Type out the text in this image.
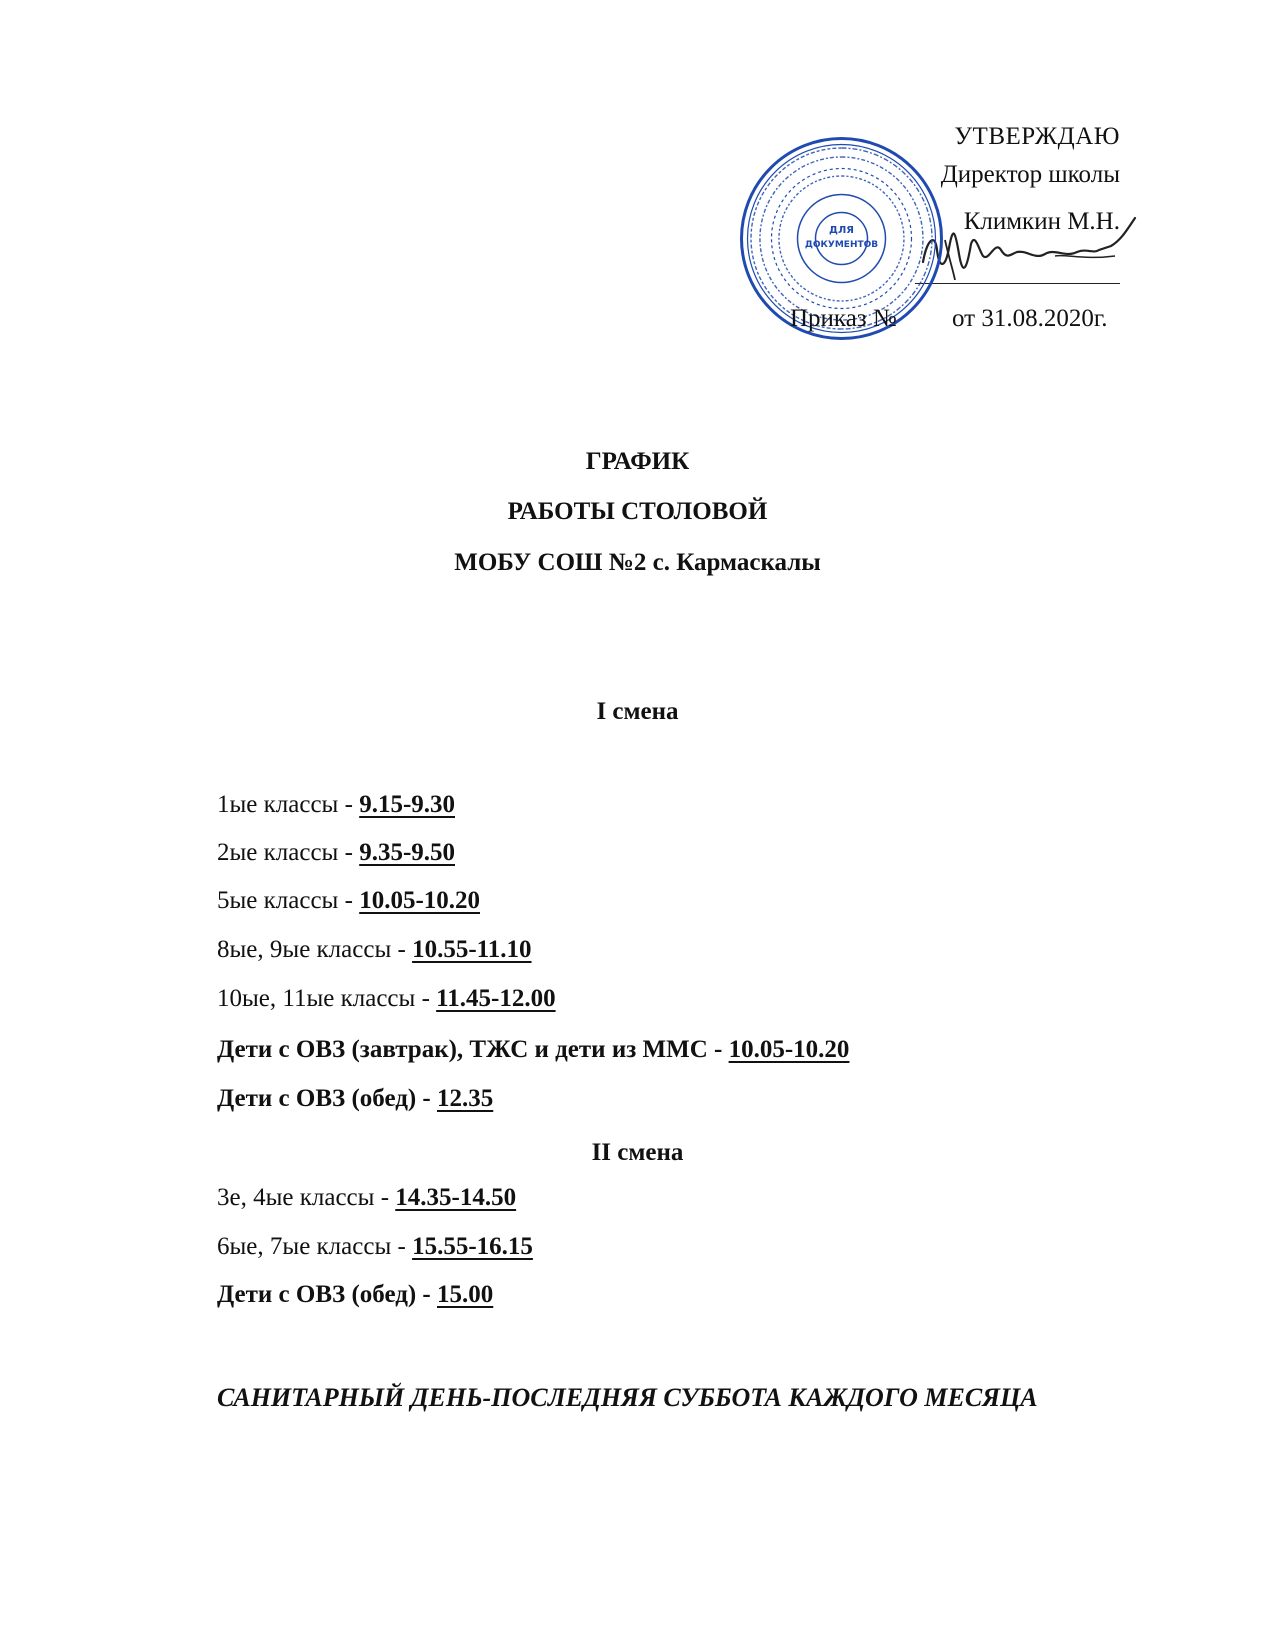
УТВЕРЖДАЮ
Директор школы
Климкин М.Н.
ДЛЯ
ДОКУМЕНТОВ
Приказ № от 31.08.2020г.
ГРАФИК
РАБОТЫ СТОЛОВОЙ
МОБУ СОШ №2 с. Кармаскалы
I смена
1ые классы - 9.15-9.30
2ые классы - 9.35-9.50
5ые классы - 10.05-10.20
8ые, 9ые классы - 10.55-11.10
10ые, 11ые классы - 11.45-12.00
Дети с ОВЗ (завтрак), ТЖС и дети из ММС - 10.05-10.20
Дети с ОВЗ (обед) - 12.35
II смена
3е, 4ые классы - 14.35-14.50
6ые, 7ые классы - 15.55-16.15
Дети с ОВЗ (обед) - 15.00
САНИТАРНЫЙ ДЕНЬ-ПОСЛЕДНЯЯ СУББОТА КАЖДОГО МЕСЯЦА
